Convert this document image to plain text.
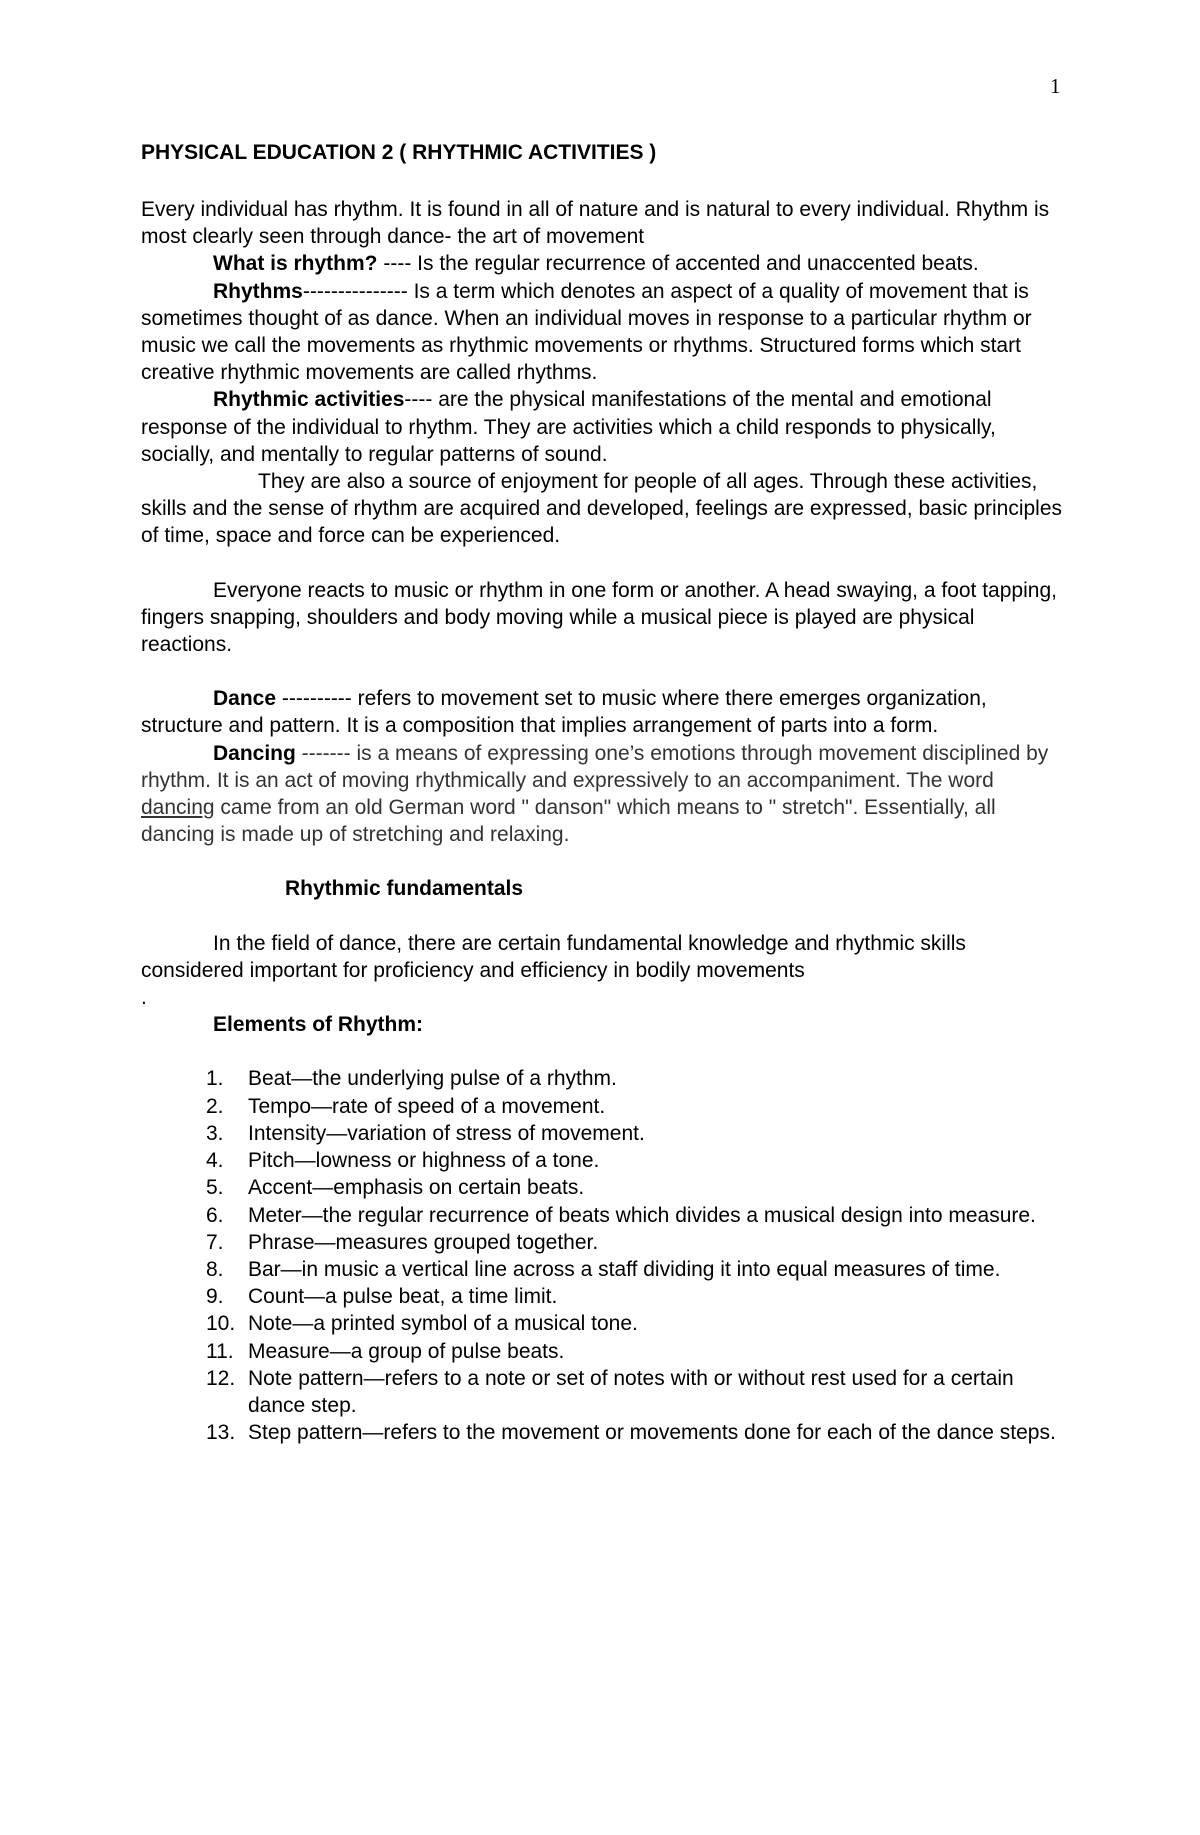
1
PHYSICAL EDUCATION 2 ( RHYTHMIC ACTIVITIES )

Every individual has rhythm. It is found in all of nature and is natural to every individual. Rhythm is most clearly seen through dance- the art of movement

What is rhythm? ---- Is the regular recurrence of accented and unaccented beats.

Rhythms--------------- Is a term which denotes an aspect of a quality of movement that is sometimes thought of as dance. When an individual moves in response to a particular rhythm or music we call the movements as rhythmic movements or rhythms. Structured forms which start creative rhythmic movements are called rhythms.

Rhythmic activities---- are the physical manifestations of the mental and emotional response of the individual to rhythm. They are activities which a child responds to physically, socially, and mentally to regular patterns of sound.

They are also a source of enjoyment for people of all ages. Through these activities, skills and the sense of rhythm are acquired and developed, feelings are expressed, basic principles of time, space and force can be experienced.

Everyone reacts to music or rhythm in one form or another. A head swaying, a foot tapping, fingers snapping, shoulders and body moving while a musical piece is played are physical reactions.

Dance ---------- refers to movement set to music where there emerges organization, structure and pattern. It is a composition that implies arrangement of parts into a form.

Dancing ------- is a means of expressing one’s emotions through movement disciplined by rhythm. It is an act of moving rhythmically and expressively to an accompaniment. The word dancing came from an old German word " danson" which means to " stretch". Essentially, all dancing is made up of stretching and relaxing.

Rhythmic fundamentals

In the field of dance, there are certain fundamental knowledge and rhythmic skills considered important for proficiency and efficiency in bodily movements

.

Elements of Rhythm:

1. Beat—the underlying pulse of a rhythm.
2. Tempo—rate of speed of a movement.
3. Intensity—variation of stress of movement.
4. Pitch—lowness or highness of a tone.
5. Accent—emphasis on certain beats.
6. Meter—the regular recurrence of beats which divides a musical design into measure.
7. Phrase—measures grouped together.
8. Bar—in music a vertical line across a staff dividing it into equal measures of time.
9. Count—a pulse beat, a time limit.
10. Note—a printed symbol of a musical tone.
11. Measure—a group of pulse beats.
12. Note pattern—refers to a note or set of notes with or without rest used for a certain dance step.
13. Step pattern—refers to the movement or movements done for each of the dance steps.
